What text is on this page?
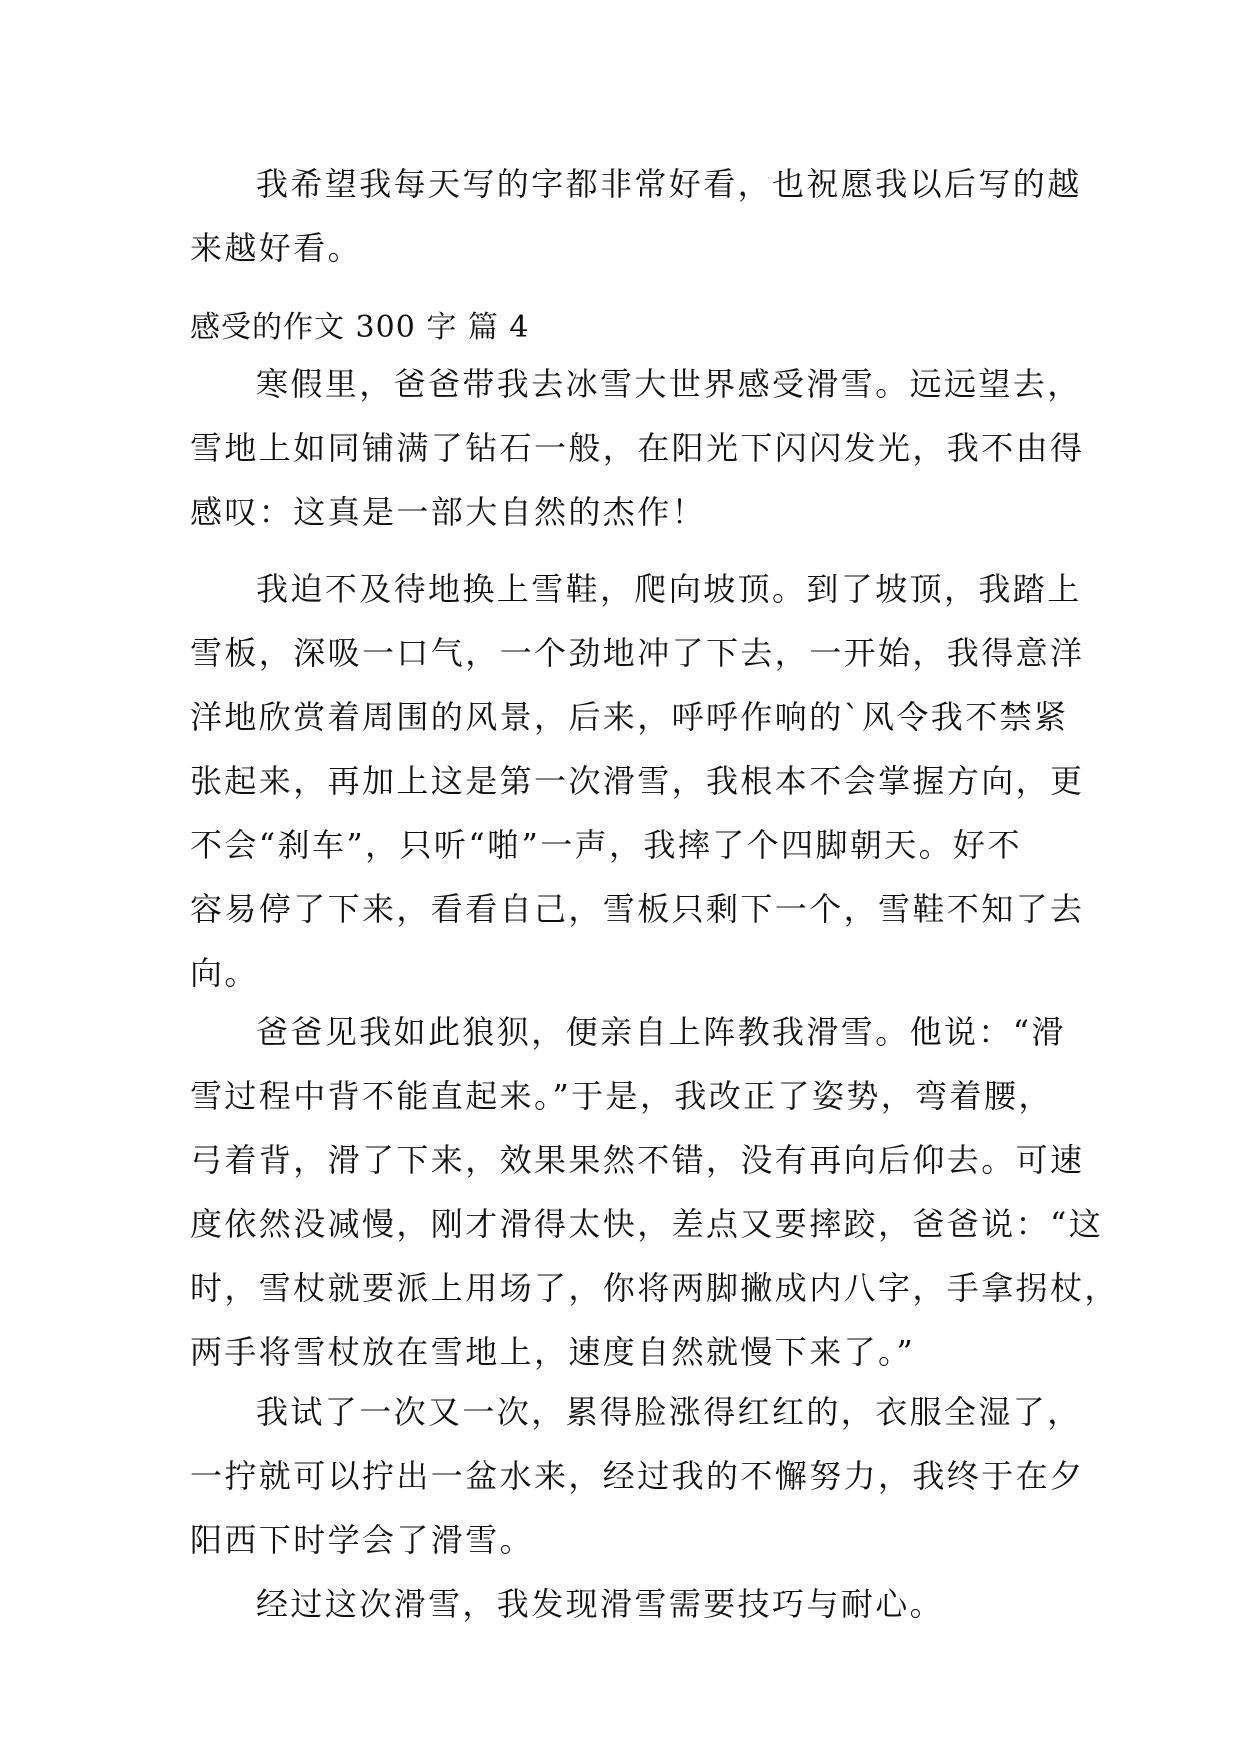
我希望我每天写的字都非常好看，也祝愿我以后写的越
来越好看。
感受的作文 300 字 篇 4
寒假里，爸爸带我去冰雪大世界感受滑雪。远远望去，
雪地上如同铺满了钻石一般，在阳光下闪闪发光，我不由得
感叹：这真是一部大自然的杰作！
我迫不及待地换上雪鞋，爬向坡顶。到了坡顶，我踏上
雪板，深吸一口气，一个劲地冲了下去，一开始，我得意洋
洋地欣赏着周围的风景，后来，呼呼作响的`风令我不禁紧
张起来，再加上这是第一次滑雪，我根本不会掌握方向，更
不会“刹车”，只听“啪”一声，我摔了个四脚朝天。好不
容易停了下来，看看自己，雪板只剩下一个，雪鞋不知了去
向。
爸爸见我如此狼狈，便亲自上阵教我滑雪。他说：“滑
雪过程中背不能直起来。”于是，我改正了姿势，弯着腰，
弓着背，滑了下来，效果果然不错，没有再向后仰去。可速
度依然没减慢，刚才滑得太快，差点又要摔跤，爸爸说：“这
时，雪杖就要派上用场了，你将两脚撇成内八字，手拿拐杖，
两手将雪杖放在雪地上，速度自然就慢下来了。”
我试了一次又一次，累得脸涨得红红的，衣服全湿了，
一拧就可以拧出一盆水来，经过我的不懈努力，我终于在夕
阳西下时学会了滑雪。
经过这次滑雪，我发现滑雪需要技巧与耐心。
